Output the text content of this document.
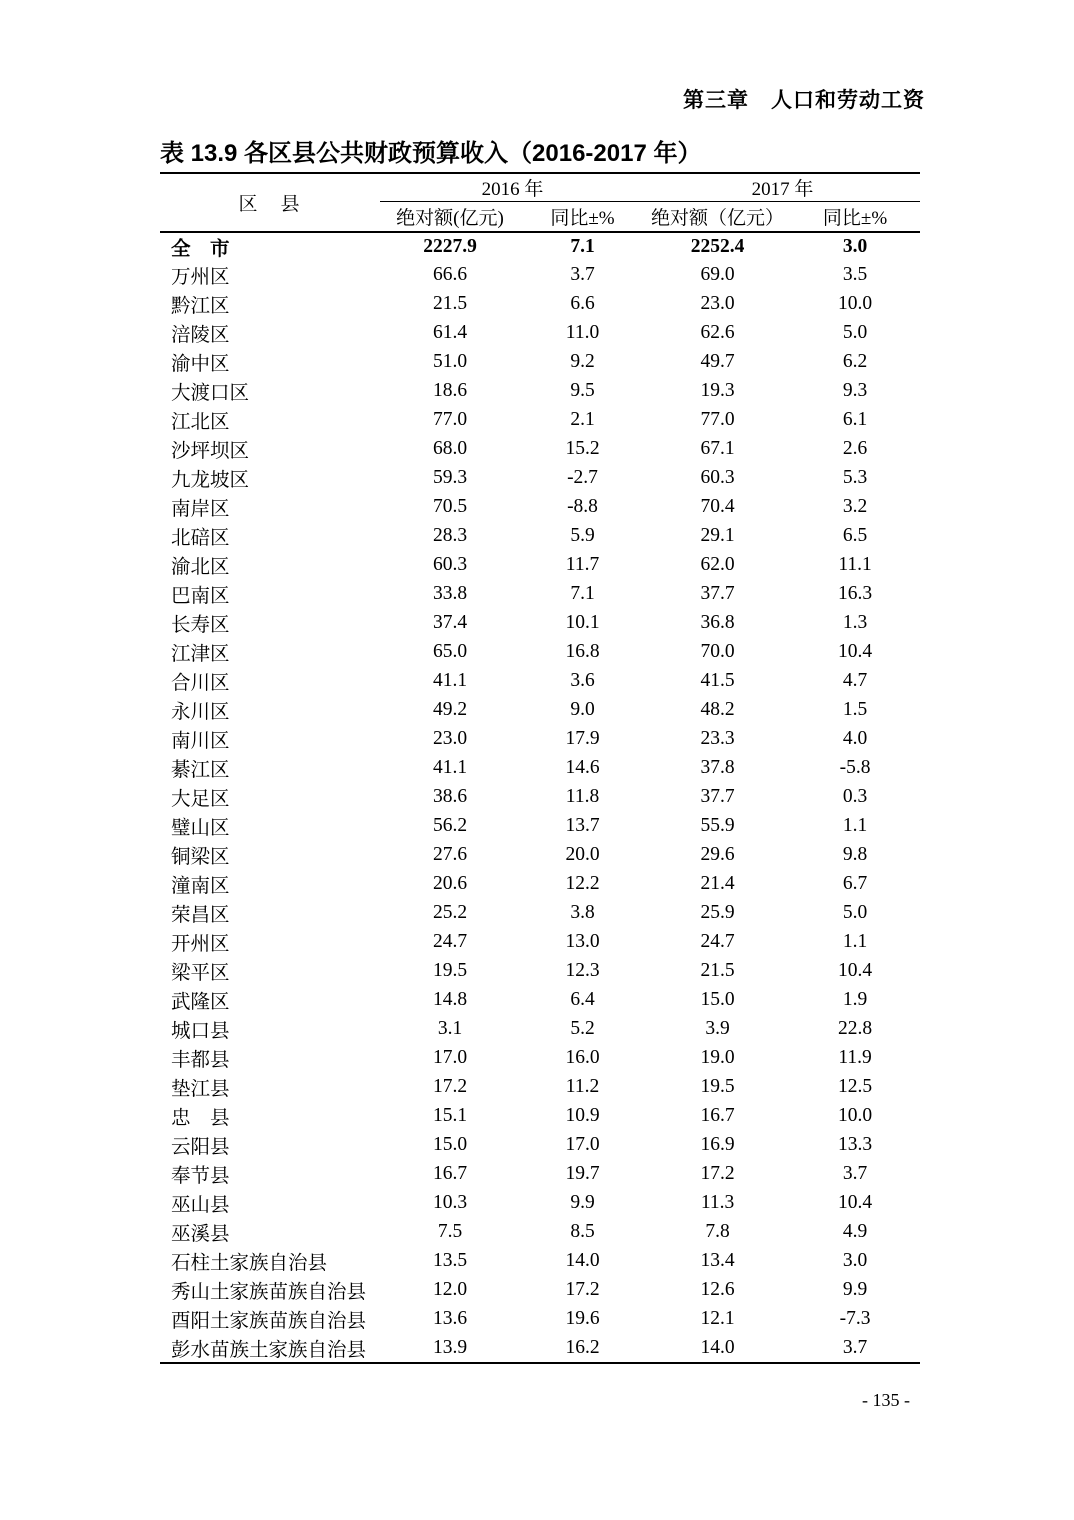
第三章　人口和劳动工资
表 13.9 各区县公共财政预算收入（2016-2017 年）
区　县	2016 年		2017 年	
	绝对额(亿元)	同比±%	绝对额（亿元）	同比±%
全　市	2227.9	7.1	2252.4	3.0
万州区	66.6	3.7	69.0	3.5
黔江区	21.5	6.6	23.0	10.0
涪陵区	61.4	11.0	62.6	5.0
渝中区	51.0	9.2	49.7	6.2
大渡口区	18.6	9.5	19.3	9.3
江北区	77.0	2.1	77.0	6.1
沙坪坝区	68.0	15.2	67.1	2.6
九龙坡区	59.3	-2.7	60.3	5.3
南岸区	70.5	-8.8	70.4	3.2
北碚区	28.3	5.9	29.1	6.5
渝北区	60.3	11.7	62.0	11.1
巴南区	33.8	7.1	37.7	16.3
长寿区	37.4	10.1	36.8	1.3
江津区	65.0	16.8	70.0	10.4
合川区	41.1	3.6	41.5	4.7
永川区	49.2	9.0	48.2	1.5
南川区	23.0	17.9	23.3	4.0
綦江区	41.1	14.6	37.8	-5.8
大足区	38.6	11.8	37.7	0.3
璧山区	56.2	13.7	55.9	1.1
铜梁区	27.6	20.0	29.6	9.8
潼南区	20.6	12.2	21.4	6.7
荣昌区	25.2	3.8	25.9	5.0
开州区	24.7	13.0	24.7	1.1
梁平区	19.5	12.3	21.5	10.4
武隆区	14.8	6.4	15.0	1.9
城口县	3.1	5.2	3.9	22.8
丰都县	17.0	16.0	19.0	11.9
垫江县	17.2	11.2	19.5	12.5
忠　县	15.1	10.9	16.7	10.0
云阳县	15.0	17.0	16.9	13.3
奉节县	16.7	19.7	17.2	3.7
巫山县	10.3	9.9	11.3	10.4
巫溪县	7.5	8.5	7.8	4.9
石柱土家族自治县	13.5	14.0	13.4	3.0
秀山土家族苗族自治县	12.0	17.2	12.6	9.9
酉阳土家族苗族自治县	13.6	19.6	12.1	-7.3
彭水苗族土家族自治县	13.9	16.2	14.0	3.7
- 135 -
